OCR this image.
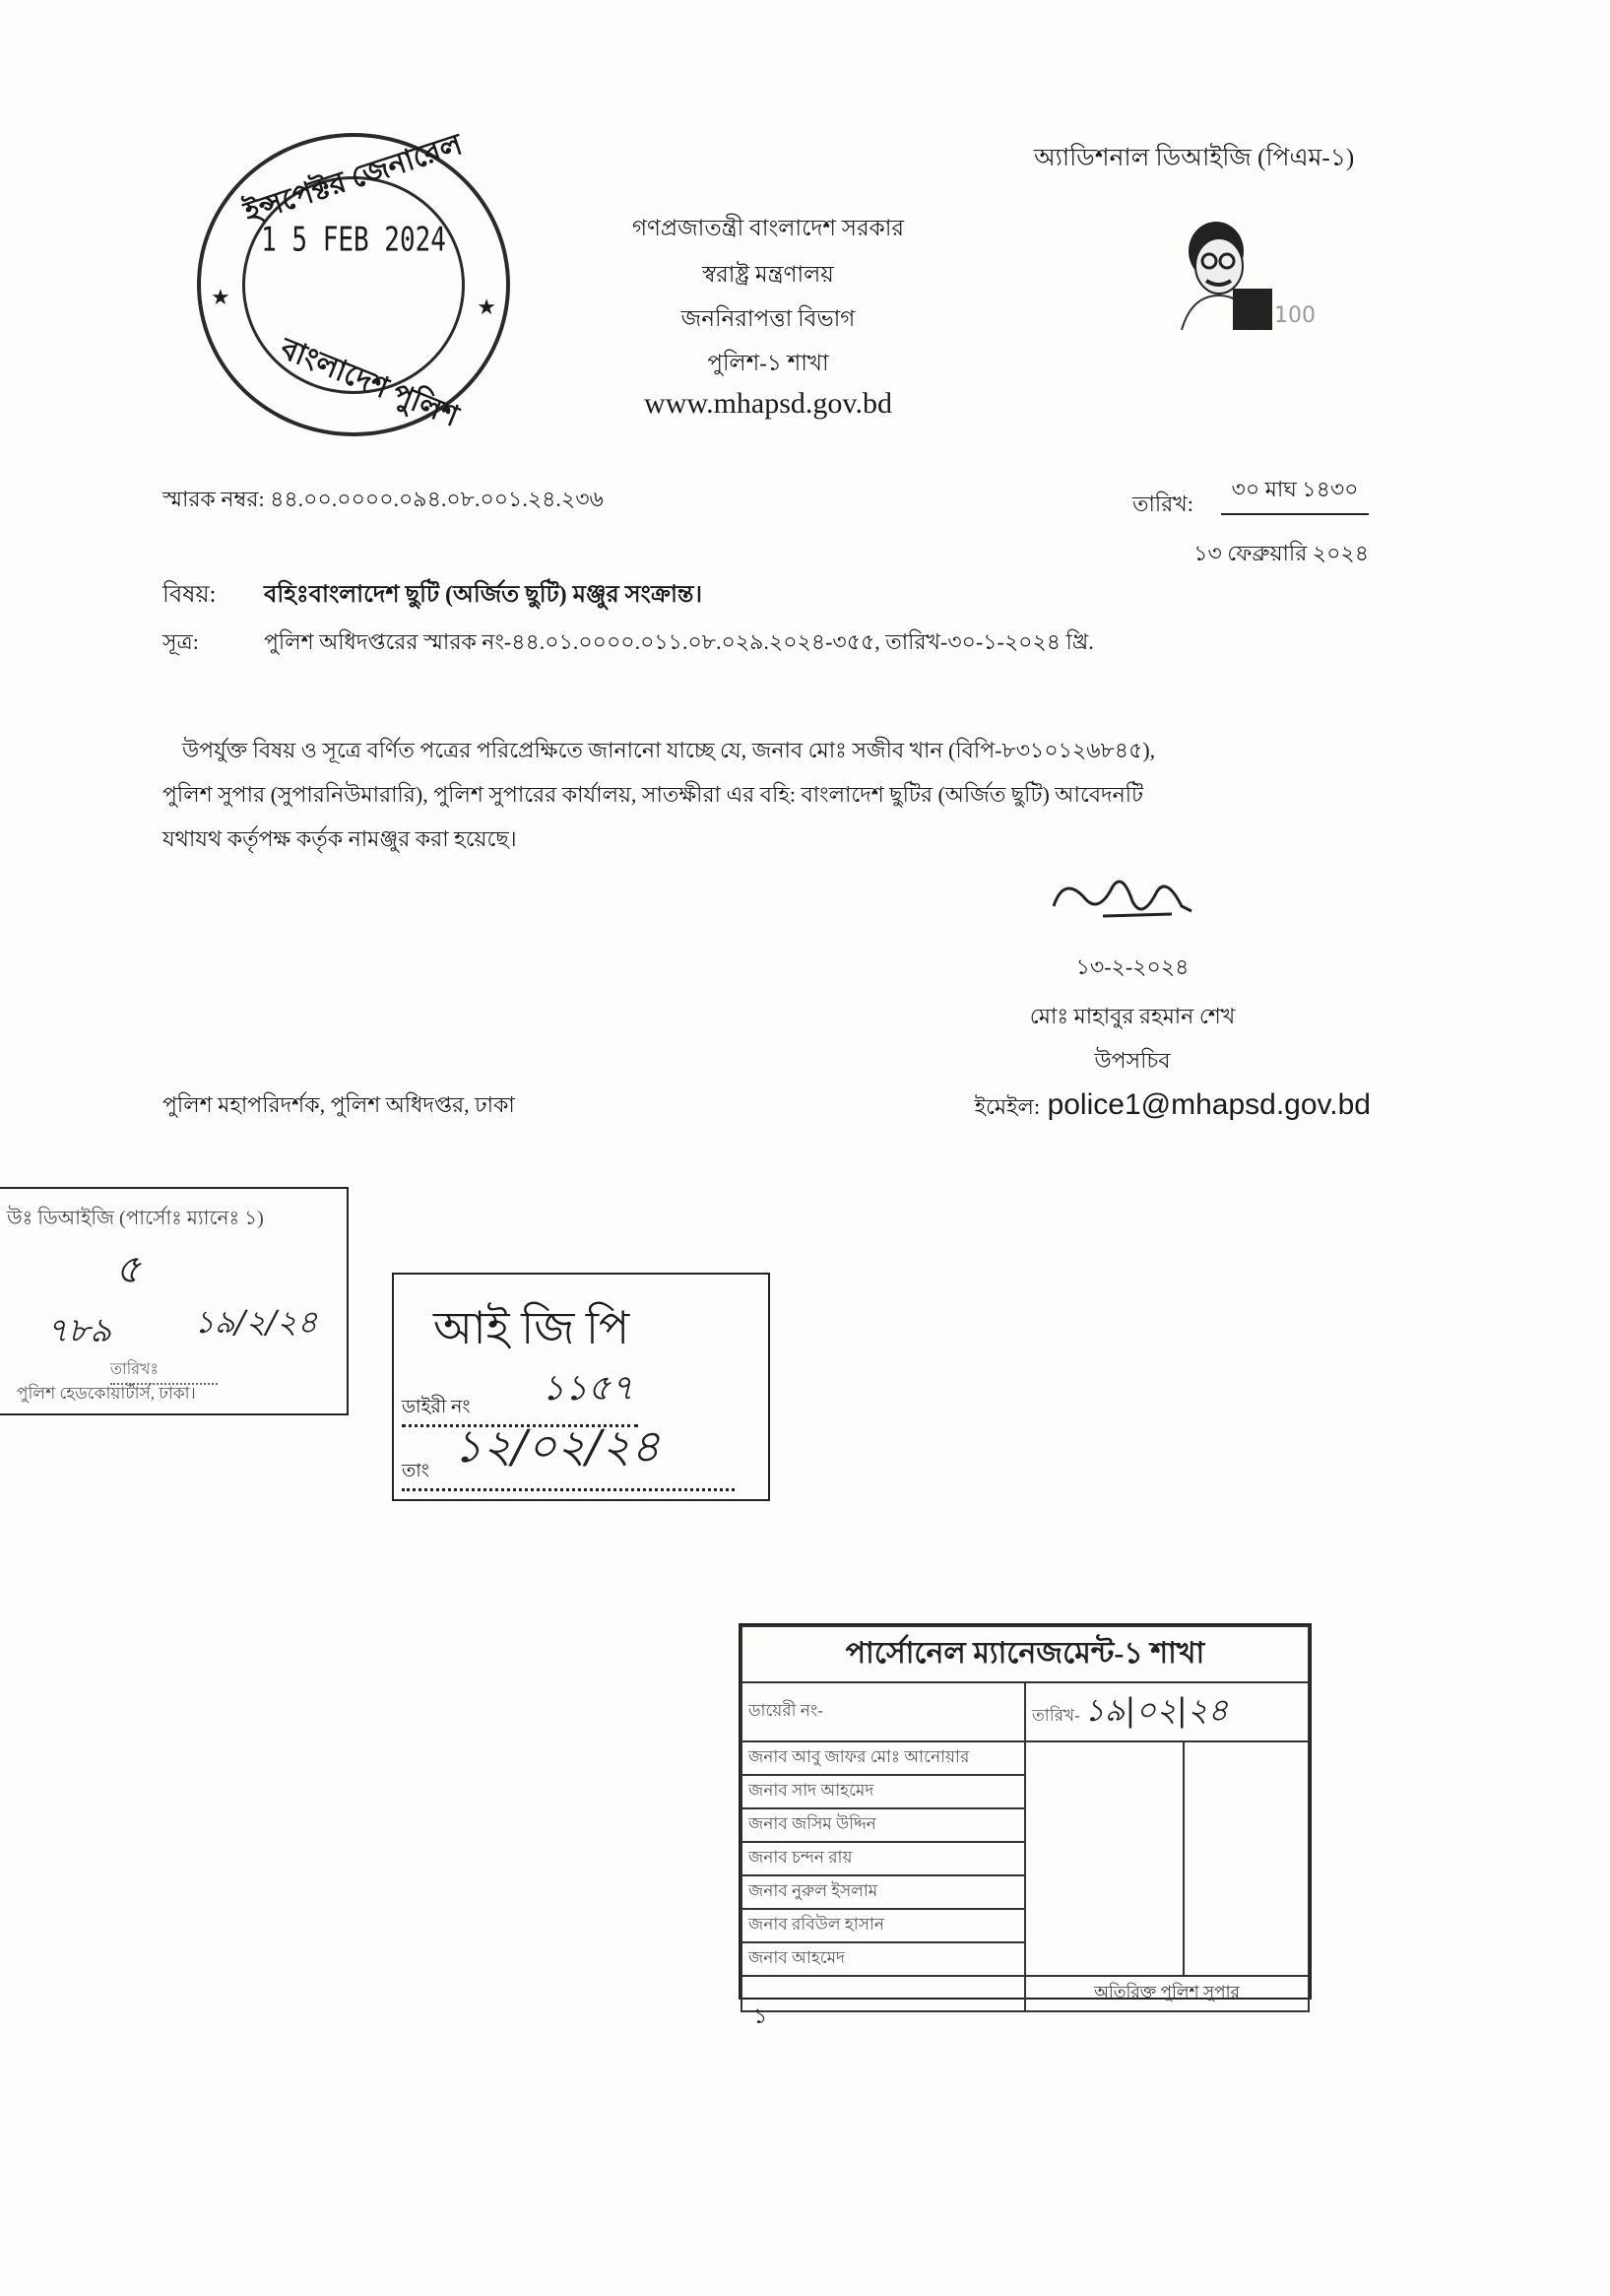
অ্যাডিশনাল ডিআইজি (পিএম-১)
ইন্সপেক্টর জেনারেল
বাংলাদেশ পুলিশ
1 5 FEB 2024
★	★
গণপ্রজাতন্ত্রী বাংলাদেশ সরকার
স্বরাষ্ট্র মন্ত্রণালয়
জননিরাপত্তা বিভাগ
পুলিশ-১ শাখা
www.mhapsd.gov.bd
100
স্মারক নম্বর: ৪৪.০০.০০০০.০৯৪.০৮.০০১.২৪.২৩৬	তারিখ:
৩০ মাঘ ১৪৩০
১৩ ফেব্রুয়ারি ২০২৪
বিষয়: বহিঃবাংলাদেশ ছুটি (অর্জিত ছুটি) মঞ্জুর সংক্রান্ত।
সূত্র:	পুলিশ অধিদপ্তরের স্মারক নং-৪৪.০১.০০০০.০১১.০৮.০২৯.২০২৪-৩৫৫, তারিখ-৩০-১-২০২৪ খ্রি.
উপর্যুক্ত বিষয় ও সূত্রে বর্ণিত পত্রের পরিপ্রেক্ষিতে জানানো যাচ্ছে যে, জনাব মোঃ সজীব খান (বিপি-৮৩১০১২৬৮৪৫),
পুলিশ সুপার (সুপারনিউমারারি), পুলিশ সুপারের কার্যালয়, সাতক্ষীরা এর বহি: বাংলাদেশ ছুটির (অর্জিত ছুটি) আবেদনটি
যথাযথ কর্তৃপক্ষ কর্তৃক নামঞ্জুর করা হয়েছে।
১৩-২-২০২৪
মোঃ মাহাবুর রহমান শেখ
উপসচিব
ইমেইল: police1@mhapsd.gov.bd
পুলিশ মহাপরিদর্শক, পুলিশ অধিদপ্তর, ঢাকা
উঃ ডিআইজি (পার্সোঃ ম্যানেঃ ১)
৫
৭৮৯	১৯/২/২৪
তারিখঃ
পুলিশ হেডকোয়ার্টার্স, ঢাকা।
আই জি পি
ডাইরী নং	১১৫৭
তাং ১২/০২/২৪
পার্সোনেল ম্যানেজমেন্ট-১ শাখা		
ডায়েরী নং-	তারিখ- ১৯|০২|২৪	
জনাব আবু জাফর মোঃ আনোয়ার		
জনাব সাদ আহমেদ		
জনাব জসিম উদ্দিন		
জনাব চন্দন রায়		
জনাব নুরুল ইসলাম		
জনাব রবিউল হাসান		
জনাব আহমেদ		
	অতিরিক্ত পুলিশ সুপার	
১
